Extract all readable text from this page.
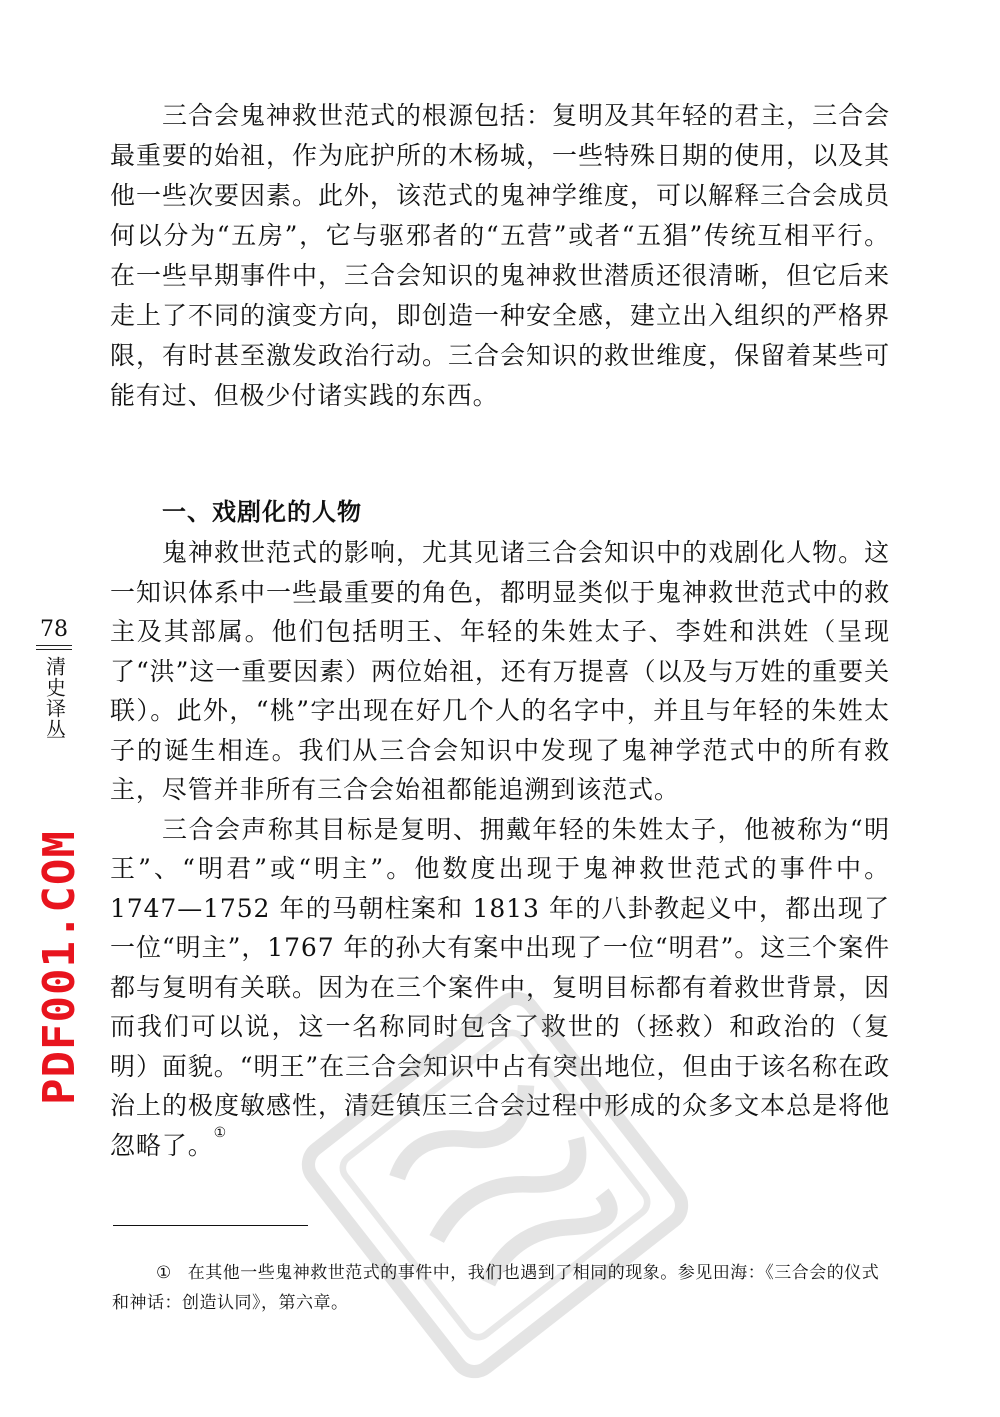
三合会鬼神救世范式的根源包括：复明及其年轻的君主，三合会最重要的始祖，作为庇护所的木杨城，一些特殊日期的使用，以及其他一些次要因素。此外，该范式的鬼神学维度，可以解释三合会成员何以分为“五房”，它与驱邪者的“五营”或者“五猖”传统互相平行。在一些早期事件中，三合会知识的鬼神救世潜质还很清晰，但它后来走上了不同的演变方向，即创造一种安全感，建立出入组织的严格界限，有时甚至激发政治行动。三合会知识的救世维度，保留着某些可能有过、但极少付诸实践的东西。

一、戏剧化的人物

鬼神救世范式的影响，尤其见诸三合会知识中的戏剧化人物。这一知识体系中一些最重要的角色，都明显类似于鬼神救世范式中的救主及其部属。他们包括明王、年轻的朱姓太子、李姓和洪姓（呈现了“洪”这一重要因素）两位始祖，还有万提喜（以及与万姓的重要关联）。此外，“桃”字出现在好几个人的名字中，并且与年轻的朱姓太子的诞生相连。我们从三合会知识中发现了鬼神学范式中的所有救主，尽管并非所有三合会始祖都能追溯到该范式。

三合会声称其目标是复明、拥戴年轻的朱姓太子，他被称为“明王”、“明君”或“明主”。他数度出现于鬼神救世范式的事件中。1747—1752 年的马朝柱案和 1813 年的八卦教起义中，都出现了一位“明主”，1767 年的孙大有案中出现了一位“明君”。这三个案件都与复明有关联。因为在三个案件中，复明目标都有着救世背景，因而我们可以说，这一名称同时包含了救世的（拯救）和政治的（复明）面貌。“明王”在三合会知识中占有突出地位，但由于该名称在政治上的极度敏感性，清廷镇压三合会过程中形成的众多文本总是将他忽略了。①

78
清史译丛
PDF001.COM
① 在其他一些鬼神救世范式的事件中，我们也遇到了相同的现象。参见田海：《三合会的仪式和神话：创造认同》，第六章。
